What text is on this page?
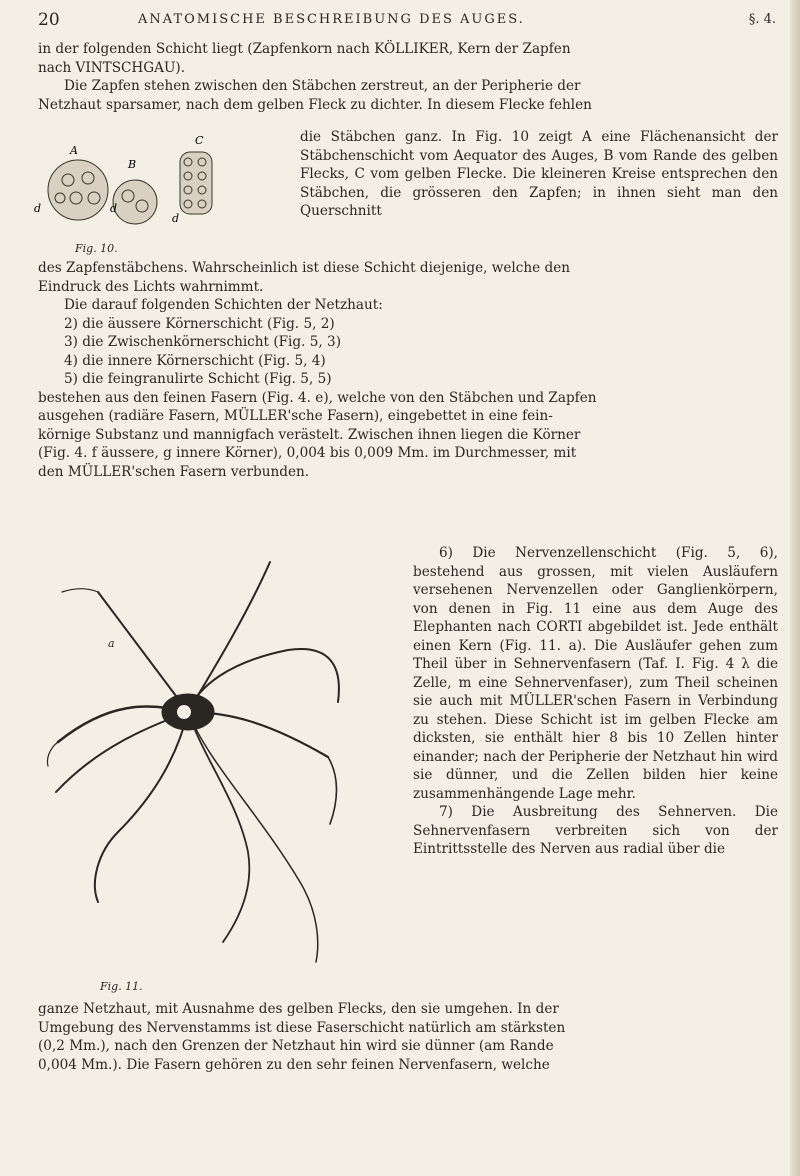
20	ANATOMISCHE BESCHREIBUNG DES AUGES.	§. 4.

in der folgenden Schicht liegt (Zapfenkorn nach KÖLLIKER, Kern der Zapfen

nach VINTSCHGAU).

Die Zapfen stehen zwischen den Stäbchen zerstreut, an der Peripherie der

Netzhaut sparsamer, nach dem gelben Fleck zu dichter. In diesem Flecke fehlen

A
B
C
d	d
d
Fig. 10.
die Stäbchen ganz. In Fig. 10 zeigt A eine Flächenansicht der Stäbchenschicht vom Aequator des Auges, B vom Rande des gelben Flecks, C vom gelben Flecke. Die kleineren Kreise entsprechen den Stäbchen, die grösseren den Zapfen; in ihnen sieht man den Querschnitt

des Zapfenstäbchens. Wahrscheinlich ist diese Schicht diejenige, welche den

Eindruck des Lichts wahrnimmt.

Die darauf folgenden Schichten der Netzhaut:

2) die äussere Körnerschicht (Fig. 5, 2)

3) die Zwischenkörnerschicht (Fig. 5, 3)

4) die innere Körnerschicht (Fig. 5, 4)

5) die feingranulirte Schicht (Fig. 5, 5)

bestehen aus den feinen Fasern (Fig. 4. e), welche von den Stäbchen und Zapfen

ausgehen (radiäre Fasern, MÜLLER'sche Fasern), eingebettet in eine fein-

körnige Substanz und mannigfach verästelt. Zwischen ihnen liegen die Körner

(Fig. 4. f äussere, g innere Körner), 0,004 bis 0,009 Mm. im Durchmesser, mit

den MÜLLER'schen Fasern verbunden.

a
Fig. 11.

6) Die Nervenzellenschicht (Fig. 5, 6), bestehend aus grossen, mit vielen Ausläufern versehenen Nervenzellen oder Ganglienkörpern, von denen in Fig. 11 eine aus dem Auge des Elephanten nach CORTI abgebildet ist. Jede enthält einen Kern (Fig. 11. a). Die Ausläufer gehen zum Theil über in Sehnervenfasern (Taf. I. Fig. 4 λ die Zelle, m eine Sehnervenfaser), zum Theil scheinen sie auch mit MÜLLER'schen Fasern in Verbindung zu stehen. Diese Schicht ist im gelben Flecke am dicksten, sie enthält hier 8 bis 10 Zellen hinter einander; nach der Peripherie der Netzhaut hin wird sie dünner, und die Zellen bilden hier keine zusammenhängende Lage mehr.

7) Die Ausbreitung des Sehnerven. Die Sehnervenfasern verbreiten sich von der Eintrittsstelle des Nerven aus radial über die

ganze Netzhaut, mit Ausnahme des gelben Flecks, den sie umgehen. In der

Umgebung des Nervenstamms ist diese Faserschicht natürlich am stärksten

(0,2 Mm.), nach den Grenzen der Netzhaut hin wird sie dünner (am Rande

0,004 Mm.). Die Fasern gehören zu den sehr feinen Nervenfasern, welche
